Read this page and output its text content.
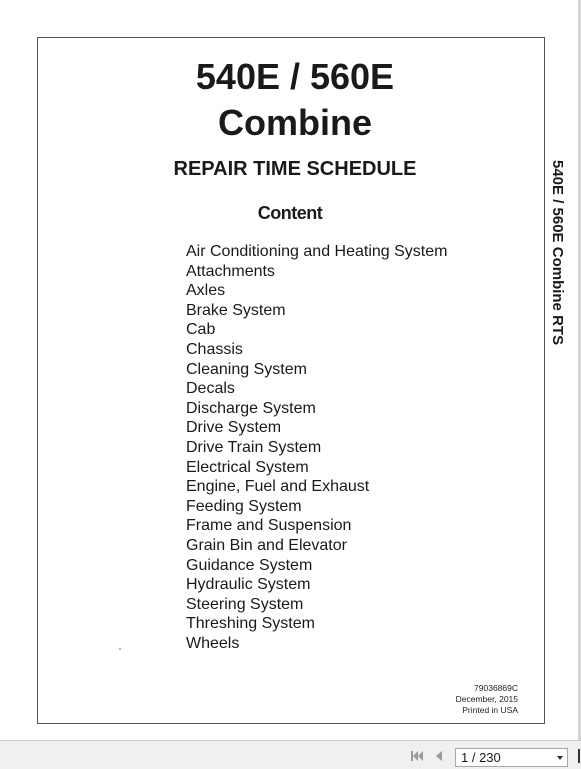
540E / 560E
Combine
REPAIR TIME SCHEDULE
Content
Air Conditioning and Heating System
Attachments
Axles
Brake System
Cab
Chassis
Cleaning System
Decals
Discharge System
Drive System
Drive Train System
Electrical System
Engine, Fuel and Exhaust
Feeding System
Frame and Suspension
Grain Bin and Elevator
Guidance System
Hydraulic System
Steering System
Threshing System
Wheels
540E / 560E Combine RTS
79036869C
December, 2015
Printed in USA
1 / 230
